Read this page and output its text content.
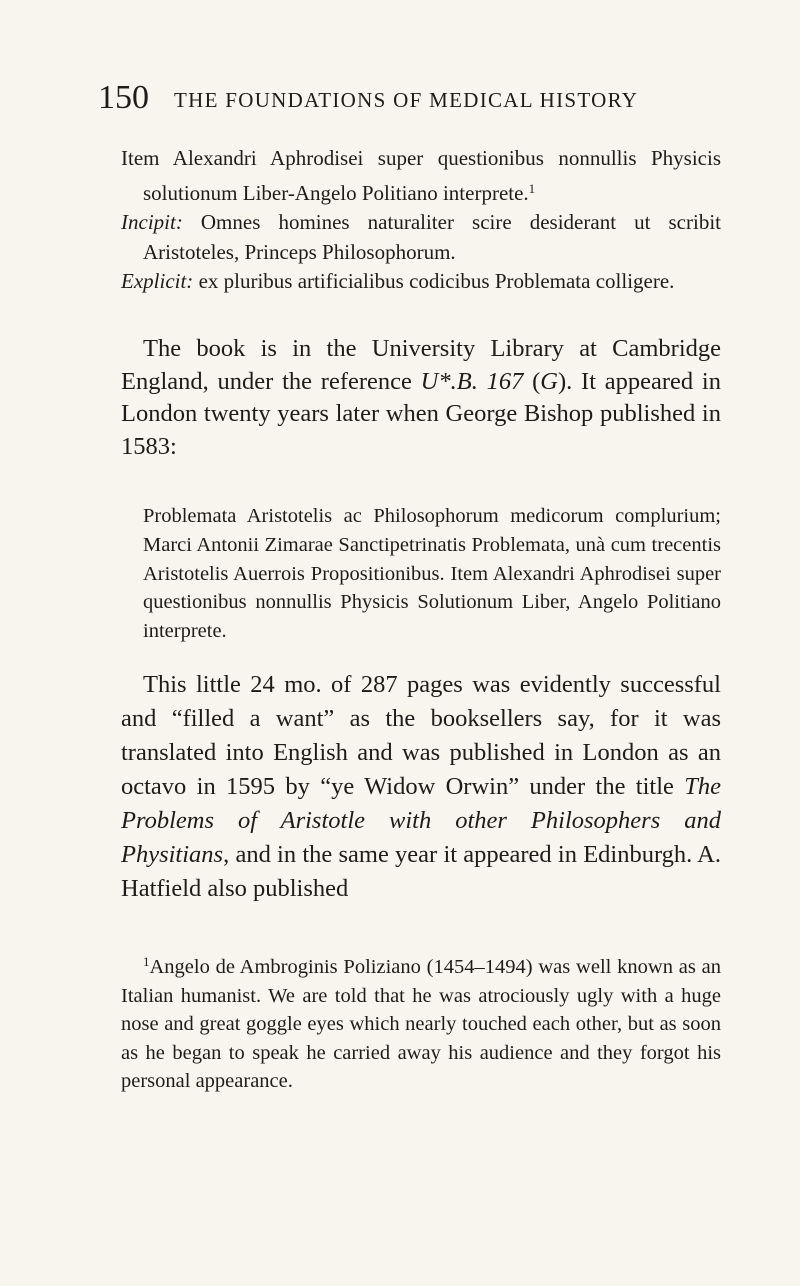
150 THE FOUNDATIONS OF MEDICAL HISTORY

Item Alexandri Aphrodisei super questionibus nonnullis Physicis solutionum Liber-Angelo Politiano interprete.$^1$

Incipit: Omnes homines naturaliter scire desiderant ut scribit Aristoteles, Princeps Philosophorum.

Explicit: ex pluribus artificialibus codicibus Problemata colligere.

The book is in the University Library at Cambridge England, under the reference U*.B. 167 (G). It appeared in London twenty years later when George Bishop published in 1583:

Problemata Aristotelis ac Philosophorum medicorum complurium; Marci Antonii Zimarae Sanctipetrinatis Problemata, unà cum trecentis Aristotelis Auerrois Propositionibus. Item Alexandri Aphrodisei super questionibus nonnullis Physicis Solutionum Liber, Angelo Politiano interprete.

This little 24 mo. of 287 pages was evidently successful and “filled a want” as the booksellers say, for it was translated into English and was published in London as an octavo in 1595 by “ye Widow Orwin” under the title The Problems of Aristotle with other Philosophers and Physitians, and in the same year it appeared in Edinburgh. A. Hatfield also published

$^1$Angelo de Ambroginis Poliziano (1454–1494) was well known as an Italian humanist. We are told that he was atrociously ugly with a huge nose and great goggle eyes which nearly touched each other, but as soon as he began to speak he carried away his audience and they forgot his personal appearance.
